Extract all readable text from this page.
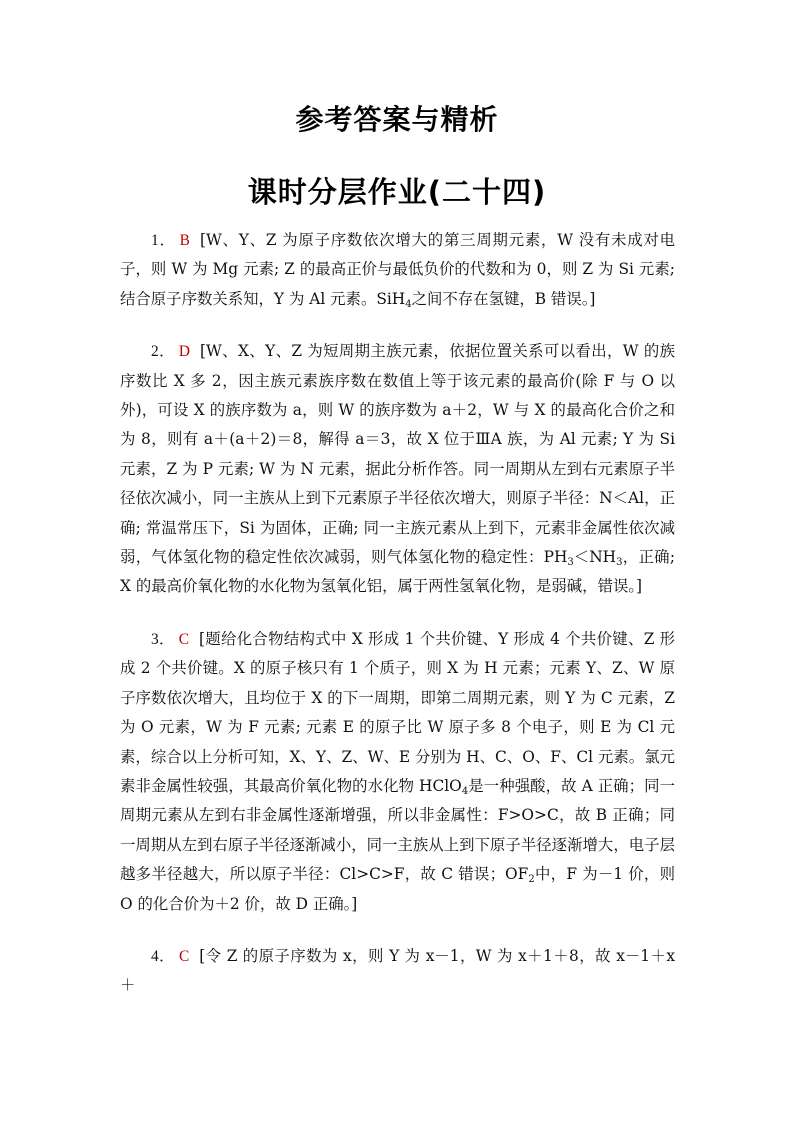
参考答案与精析
课时分层作业(二十四)

1． B [W、Y、Z 为原子序数依次增大的第三周期元素，W 没有未成对电子，则 W 为 Mg 元素; Z 的最高正价与最低负价的代数和为 0，则 Z 为 Si 元素; 结合原子序数关系知，Y 为 Al 元素。SiH$_4$之间不存在氢键，B 错误。]

2． D [W、X、Y、Z 为短周期主族元素，依据位置关系可以看出，W 的族序数比 X 多 2，因主族元素族序数在数值上等于该元素的最高价(除 F 与 O 以外)，可设 X 的族序数为 a，则 W 的族序数为 a＋2，W 与 X 的最高化合价之和为 8，则有 a＋(a＋2)＝8，解得 a＝3，故 X 位于ⅢA 族，为 Al 元素; Y 为 Si 元素，Z 为 P 元素; W 为 N 元素，据此分析作答。同一周期从左到右元素原子半径依次减小，同一主族从上到下元素原子半径依次增大，则原子半径：N＜Al，正确; 常温常压下，Si 为固体，正确; 同一主族元素从上到下，元素非金属性依次减弱，气体氢化物的稳定性依次减弱，则气体氢化物的稳定性：$PH_3<NH_3$，正确; X 的最高价氧化物的水化物为氢氧化铝，属于两性氢氧化物，是弱碱，错误。]

3． C [题给化合物结构式中 X 形成 1 个共价键、Y 形成 4 个共价键、Z 形成 2 个共价键。X 的原子核只有 1 个质子，则 X 为 H 元素；元素 Y、Z、W 原子序数依次增大，且均位于 X 的下一周期，即第二周期元素，则 Y 为 C 元素，Z 为 O 元素，W 为 F 元素; 元素 E 的原子比 W 原子多 8 个电子，则 E 为 Cl 元素，综合以上分析可知，X、Y、Z、W、E 分别为 H、C、O、F、Cl 元素。氯元素非金属性较强，其最高价氧化物的水化物 HClO$_4$是一种强酸，故 A 正确；同一周期元素从左到右非金属性逐渐增强，所以非金属性：F>O>C，故 B 正确；同一周期从左到右原子半径逐渐减小，同一主族从上到下原子半径逐渐增大，电子层越多半径越大，所以原子半径：Cl>C>F，故 C 错误；$OF_2$中，F 为－1 价，则 O 的化合价为＋2 价，故 D 正确。]

4． C [令 Z 的原子序数为 x，则 Y 为 x－1，W 为 x＋1＋8，故 x－1＋x＋
